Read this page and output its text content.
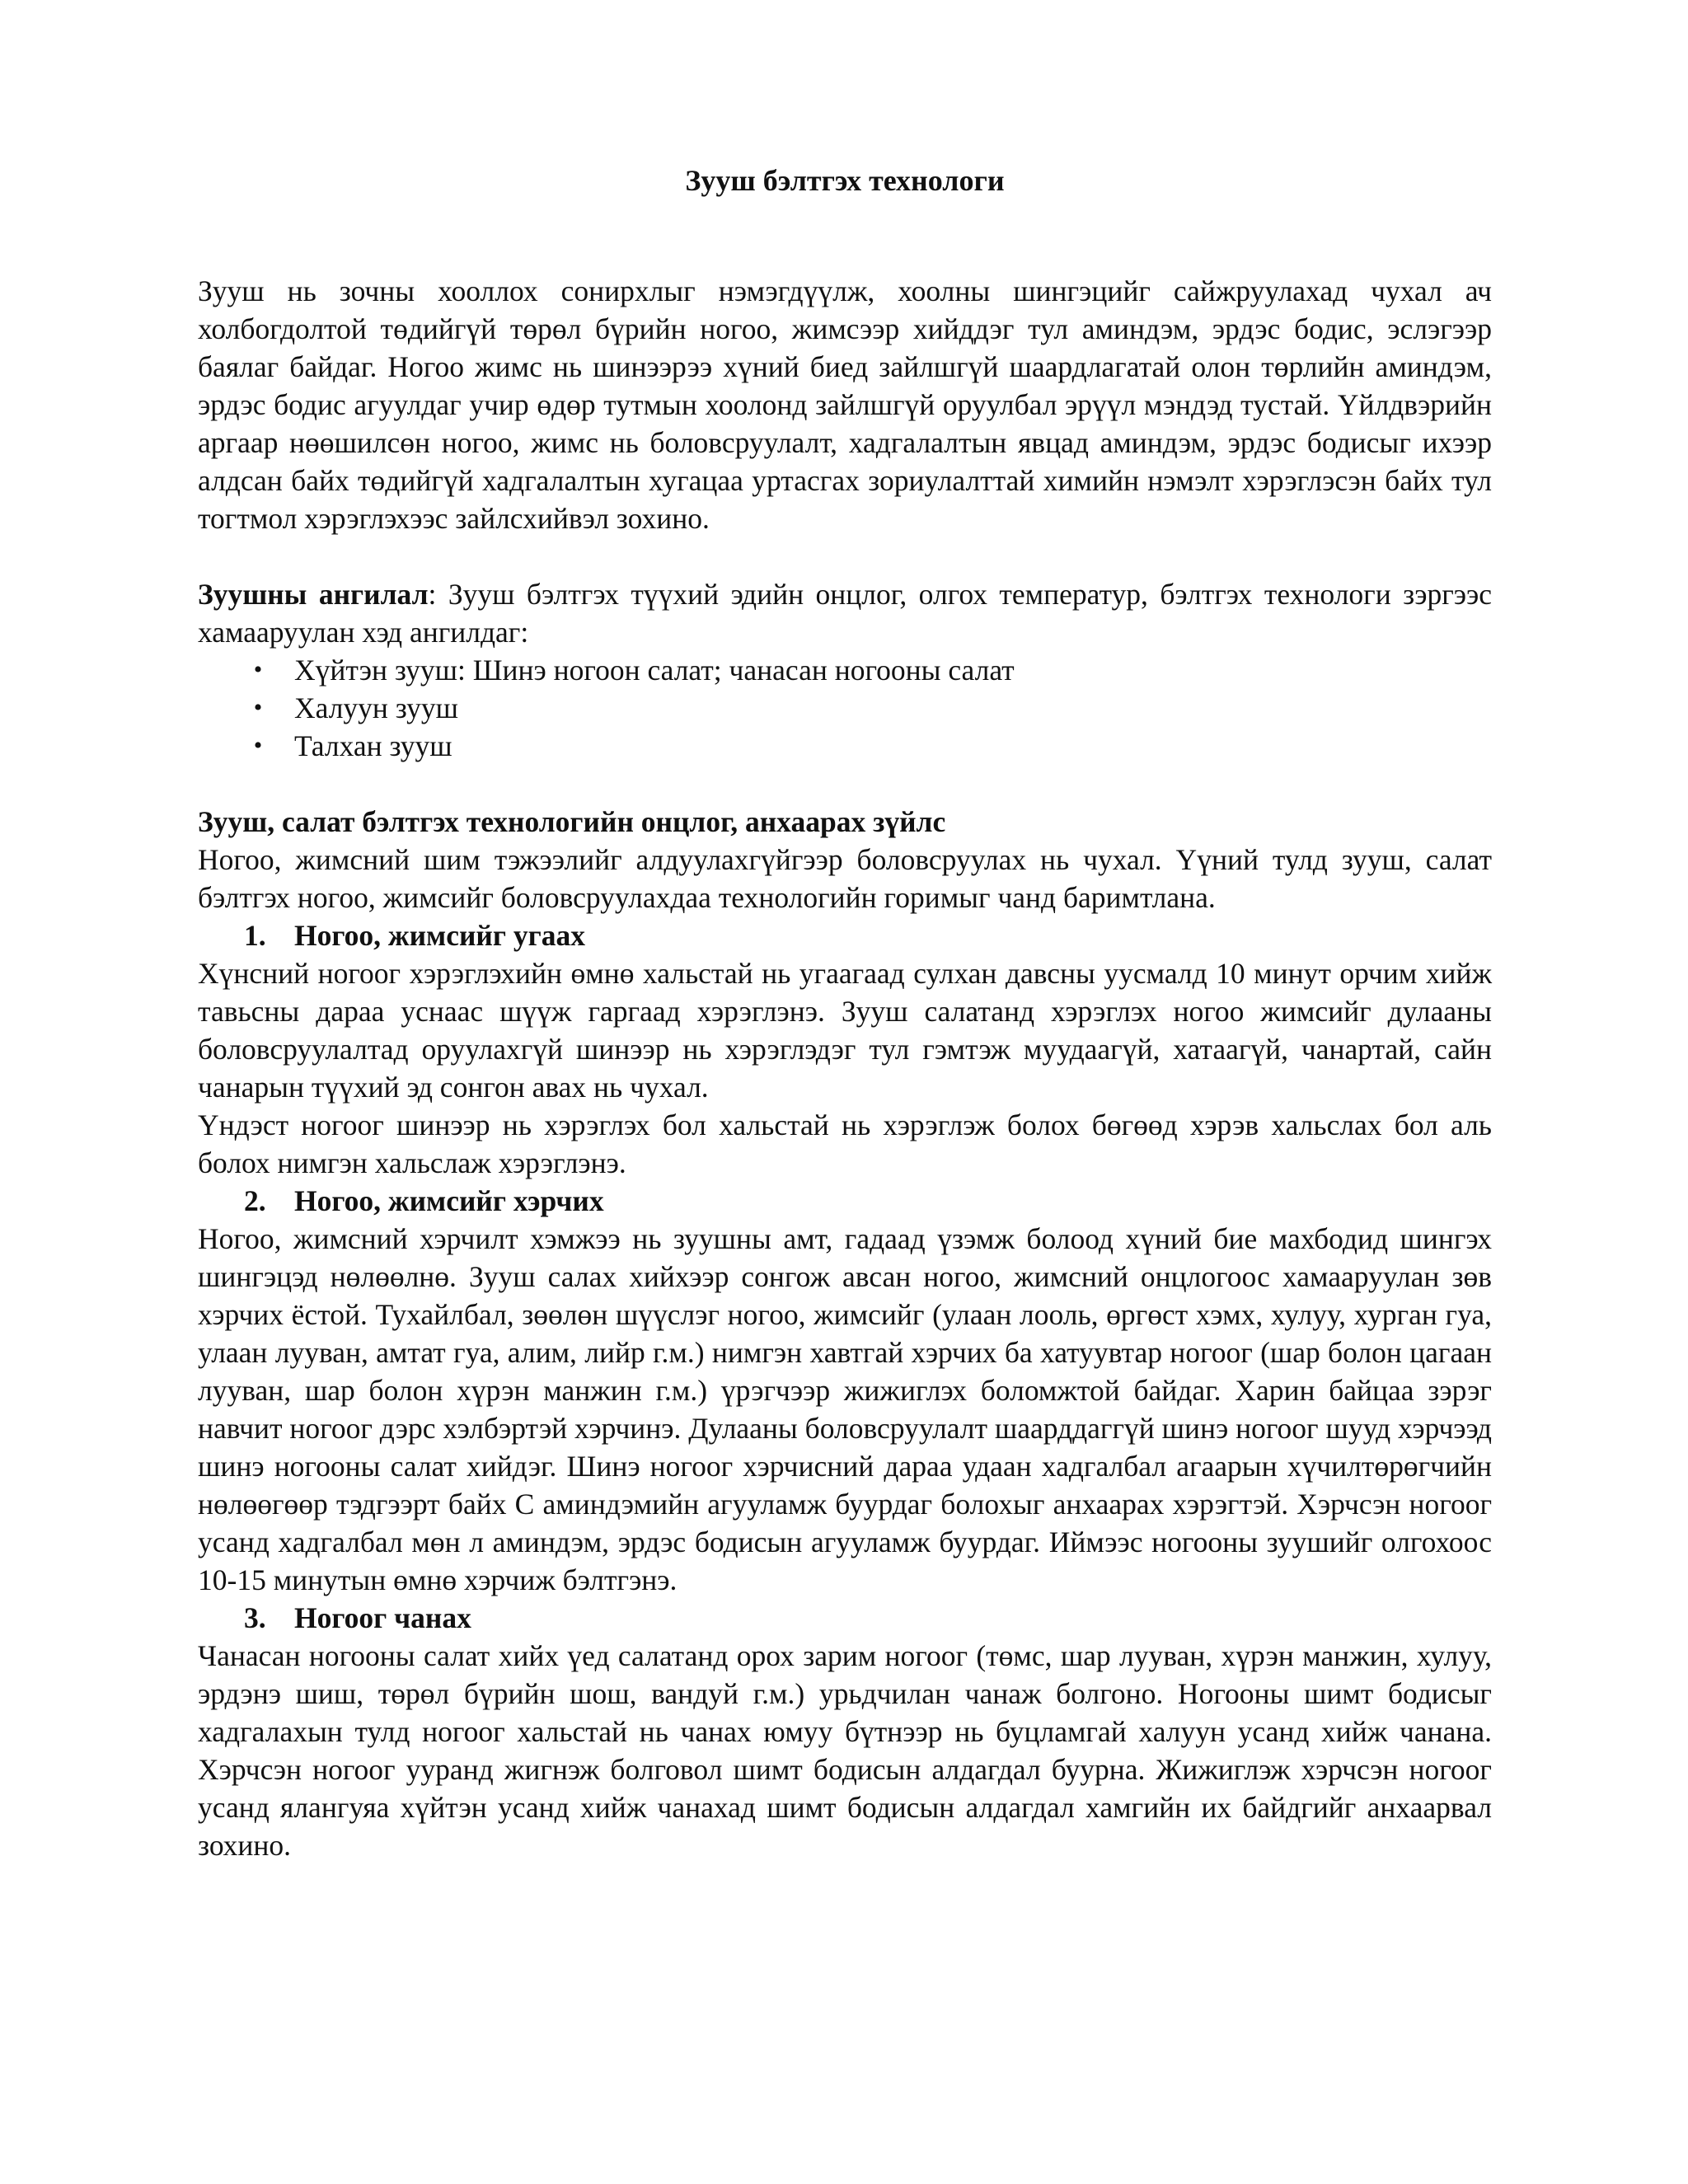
Зууш бэлтгэх технологи

Зууш нь зочны хооллох сонирхлыг нэмэгдүүлж, хоолны шингэцийг сайжруулахад чухал ач холбогдолтой төдийгүй төрөл бүрийн ногоо, жимсээр хийддэг тул аминдэм, эрдэс бодис, эслэгээр баялаг байдаг. Ногоо жимс нь шинээрээ хүний биед зайлшгүй шаардлагатай олон төрлийн аминдэм, эрдэс бодис агуулдаг учир өдөр тутмын хоолонд зайлшгүй оруулбал эрүүл мэндэд тустай. Үйлдвэрийн аргаар нөөшилсөн ногоо, жимс нь боловсруулалт, хадгалалтын явцад аминдэм, эрдэс бодисыг ихээр алдсан байх төдийгүй хадгалалтын хугацаа уртасгах зориулалттай химийн нэмэлт хэрэглэсэн байх тул тогтмол хэрэглэхээс зайлсхийвэл зохино.

Зуушны ангилал: Зууш бэлтгэх түүхий эдийн онцлог, олгох температур, бэлтгэх технологи зэргээс хамааруулан хэд ангилдаг:

• Хүйтэн зууш: Шинэ ногоон салат; чанасан ногооны салат
• Халуун зууш
• Талхан зууш

Зууш, салат бэлтгэх технологийн онцлог, анхаарах зүйлс

Ногоо, жимсний шим тэжээлийг алдуулахгүйгээр боловсруулах нь чухал. Үүний тулд зууш, салат бэлтгэх ногоо, жимсийг боловсруулахдаа технологийн горимыг чанд баримтлана.

1. Ногоо, жимсийг угаах

Хүнсний ногоог хэрэглэхийн өмнө хальстай нь угаагаад сулхан давсны уусмалд 10 минут орчим хийж тавьсны дараа уснаас шүүж гаргаад хэрэглэнэ. Зууш салатанд хэрэглэх ногоо жимсийг дулааны боловсруулалтад оруулахгүй шинээр нь хэрэглэдэг тул гэмтэж муудаагүй, хатаагүй, чанартай, сайн чанарын түүхий эд сонгон авах нь чухал.

Үндэст ногоог шинээр нь хэрэглэх бол хальстай нь хэрэглэж болох бөгөөд хэрэв хальслах бол аль болох нимгэн хальслаж хэрэглэнэ.

2. Ногоо, жимсийг хэрчих

Ногоо, жимсний хэрчилт хэмжээ нь зуушны амт, гадаад үзэмж болоод хүний бие махбодид шингэх шингэцэд нөлөөлнө. Зууш салах хийхээр сонгож авсан ногоо, жимсний онцлогоос хамааруулан зөв хэрчих ёстой. Тухайлбал, зөөлөн шүүслэг ногоо, жимсийг (улаан лооль, өргөст хэмх, хулуу, хурган гуа, улаан лууван, амтат гуа, алим, лийр г.м.) нимгэн хавтгай хэрчих ба хатуувтар ногоог (шар болон цагаан лууван, шар болон хүрэн манжин г.м.) үрэгчээр жижиглэх боломжтой байдаг. Харин байцаа зэрэг навчит ногоог дэрс хэлбэртэй хэрчинэ. Дулааны боловсруулалт шаарддаггүй шинэ ногоог шууд хэрчээд шинэ ногооны салат хийдэг. Шинэ ногоог хэрчисний дараа удаан хадгалбал агаарын хүчилтөрөгчийн нөлөөгөөр тэдгээрт байх С аминдэмийн агууламж буурдаг болохыг анхаарах хэрэгтэй. Хэрчсэн ногоог усанд хадгалбал мөн л аминдэм, эрдэс бодисын агууламж буурдаг. Иймээс ногооны зуушийг олгохоос 10-15 минутын өмнө хэрчиж бэлтгэнэ.

3. Ногоог чанах

Чанасан ногооны салат хийх үед салатанд орох зарим ногоог (төмс, шар лууван, хүрэн манжин, хулуу, эрдэнэ шиш, төрөл бүрийн шош, вандуй г.м.) урьдчилан чанаж болгоно. Ногооны шимт бодисыг хадгалахын тулд ногоог хальстай нь чанах юмуу бүтнээр нь буцламгай халуун усанд хийж чанана. Хэрчсэн ногоог ууранд жигнэж болговол шимт бодисын алдагдал буурна. Жижиглэж хэрчсэн ногоог усанд ялангуяа хүйтэн усанд хийж чанахад шимт бодисын алдагдал хамгийн их байдгийг анхаарвал зохино.
